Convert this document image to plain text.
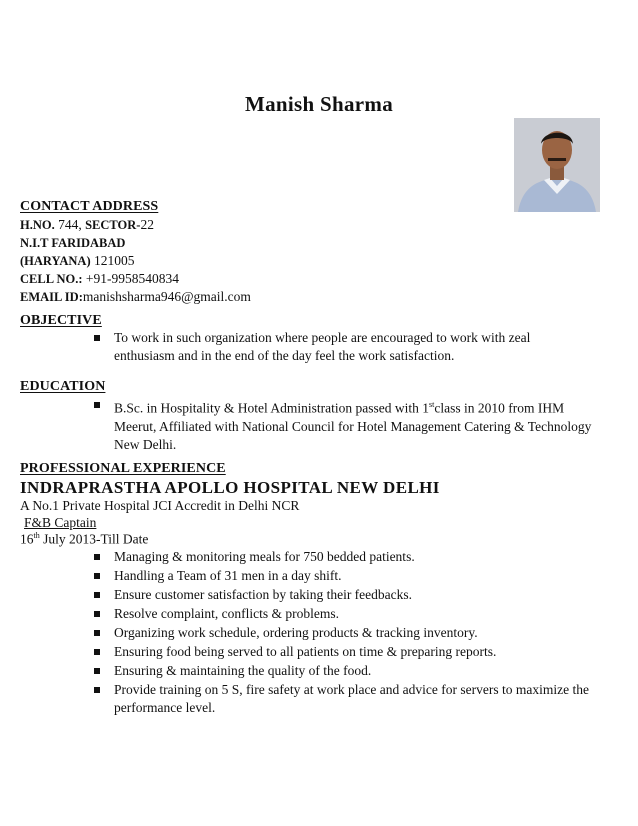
Manish Sharma
CONTACT ADDRESS
H.NO. 744, SECTOR-22
N.I.T FARIDABAD
(HARYANA) 121005
CELL NO.: +91-9958540834
EMAIL ID:manishsharma946@gmail.com
OBJECTIVE
To work in such organization where people are encouraged to work with zeal enthusiasm and in the end of the day feel the work satisfaction.
EDUCATION
B.Sc. in Hospitality & Hotel Administration passed with 1stclass in 2010 from IHM Meerut, Affiliated with National Council for Hotel Management Catering & Technology New Delhi.
PROFESSIONAL EXPERIENCE
INDRAPRASTHA APOLLO HOSPITAL NEW DELHI
A No.1 Private Hospital JCI Accredit in Delhi NCR
F&B Captain
16th July 2013-Till Date
Managing & monitoring meals for 750 bedded patients.
Handling a Team of 31 men in a day shift.
Ensure customer satisfaction by taking their feedbacks.
Resolve complaint, conflicts & problems.
Organizing work schedule, ordering products & tracking inventory.
Ensuring food being served to all patients on time & preparing reports.
Ensuring & maintaining the quality of the food.
Provide training on 5 S, fire safety at work place and advice for servers to maximize the performance level.
